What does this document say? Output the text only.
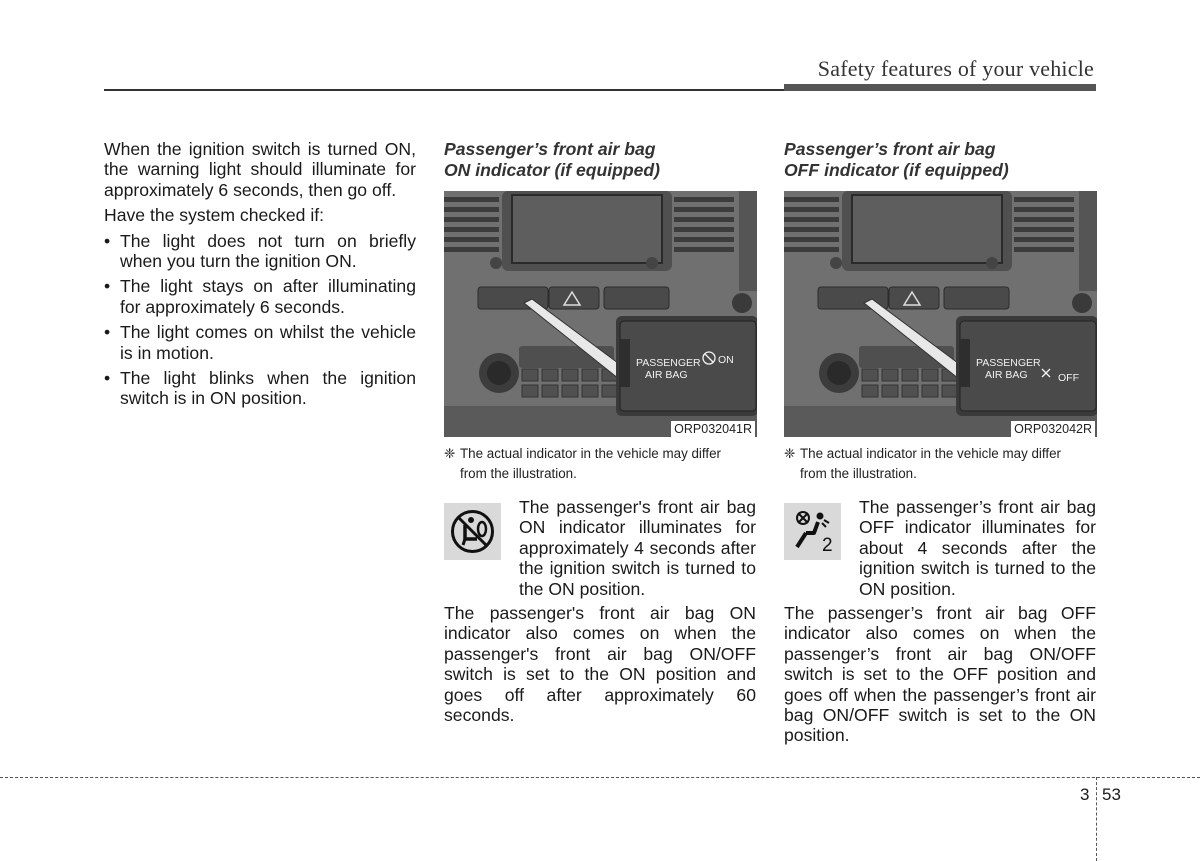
Safety features of your vehicle

When the ignition switch is turned ON, the warning light should illuminate for approximately 6 seconds, then go off.

Have the system checked if:

• The light does not turn on briefly when you turn the ignition ON.
• The light stays on after illuminating for approximately 6 seconds.
• The light comes on whilst the vehicle is in motion.
• The light blinks when the ignition switch is in ON position.
Passenger’s front air bag
ON indicator (if equipped)
PASSENGER
AIR BAG
ON
ORP032041R
❈ The actual indicator in the vehicle may differ
from the illustration.
The passenger's front air bag ON indicator illuminates for approximately 4 seconds after the ignition switch is turned to the ON position.
The passenger's front air bag ON indicator also comes on when the passenger's front air bag ON/OFF switch is set to the ON position and goes off after approximately 60 seconds.
Passenger’s front air bag
OFF indicator (if equipped)
PASSENGER
AIR BAG	OFF
ORP032042R
❈ The actual indicator in the vehicle may differ
from the illustration.
2
The passenger’s front air bag OFF indicator illuminates for about 4 seconds after the ignition switch is turned to the ON position.
The passenger’s front air bag OFF indicator also comes on when the passenger’s front air bag ON/OFF switch is set to the OFF position and goes off when the passenger’s front air bag ON/OFF switch is set to the ON position.
3 53
